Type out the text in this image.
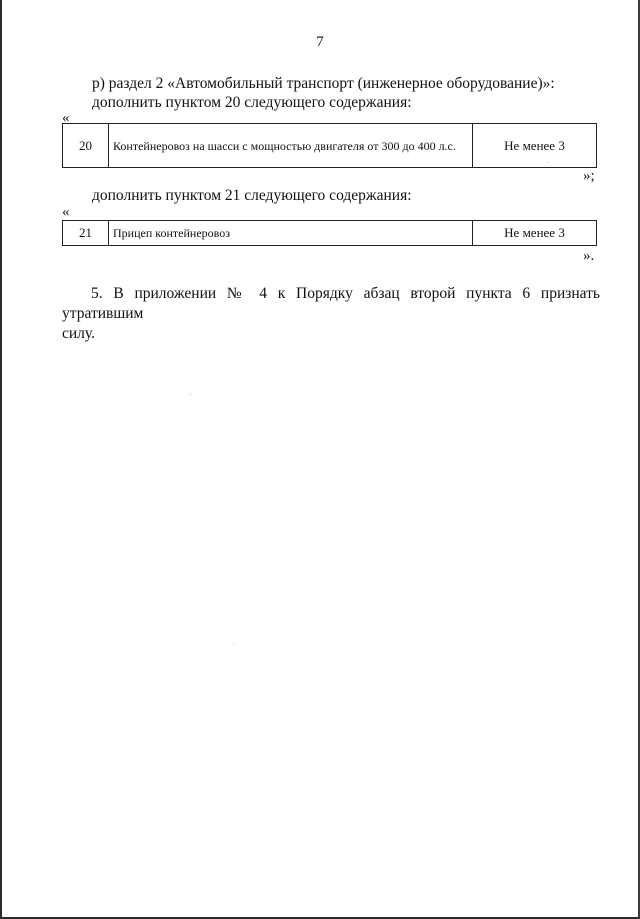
7
р) раздел 2 «Автомобильный транспорт (инженерное оборудование)»:
дополнить пунктом 20 следующего содержания:
«
20	Контейнеровоз на шасси с мощностью двигателя от 300 до 400 л.с.	Не менее 3
»;
дополнить пунктом 21 следующего содержания:
«
21	Прицеп контейнеровоз	Не менее 3
».
5. В приложении № 4 к Порядку абзац второй пункта 6 признать утратившим
силу.
